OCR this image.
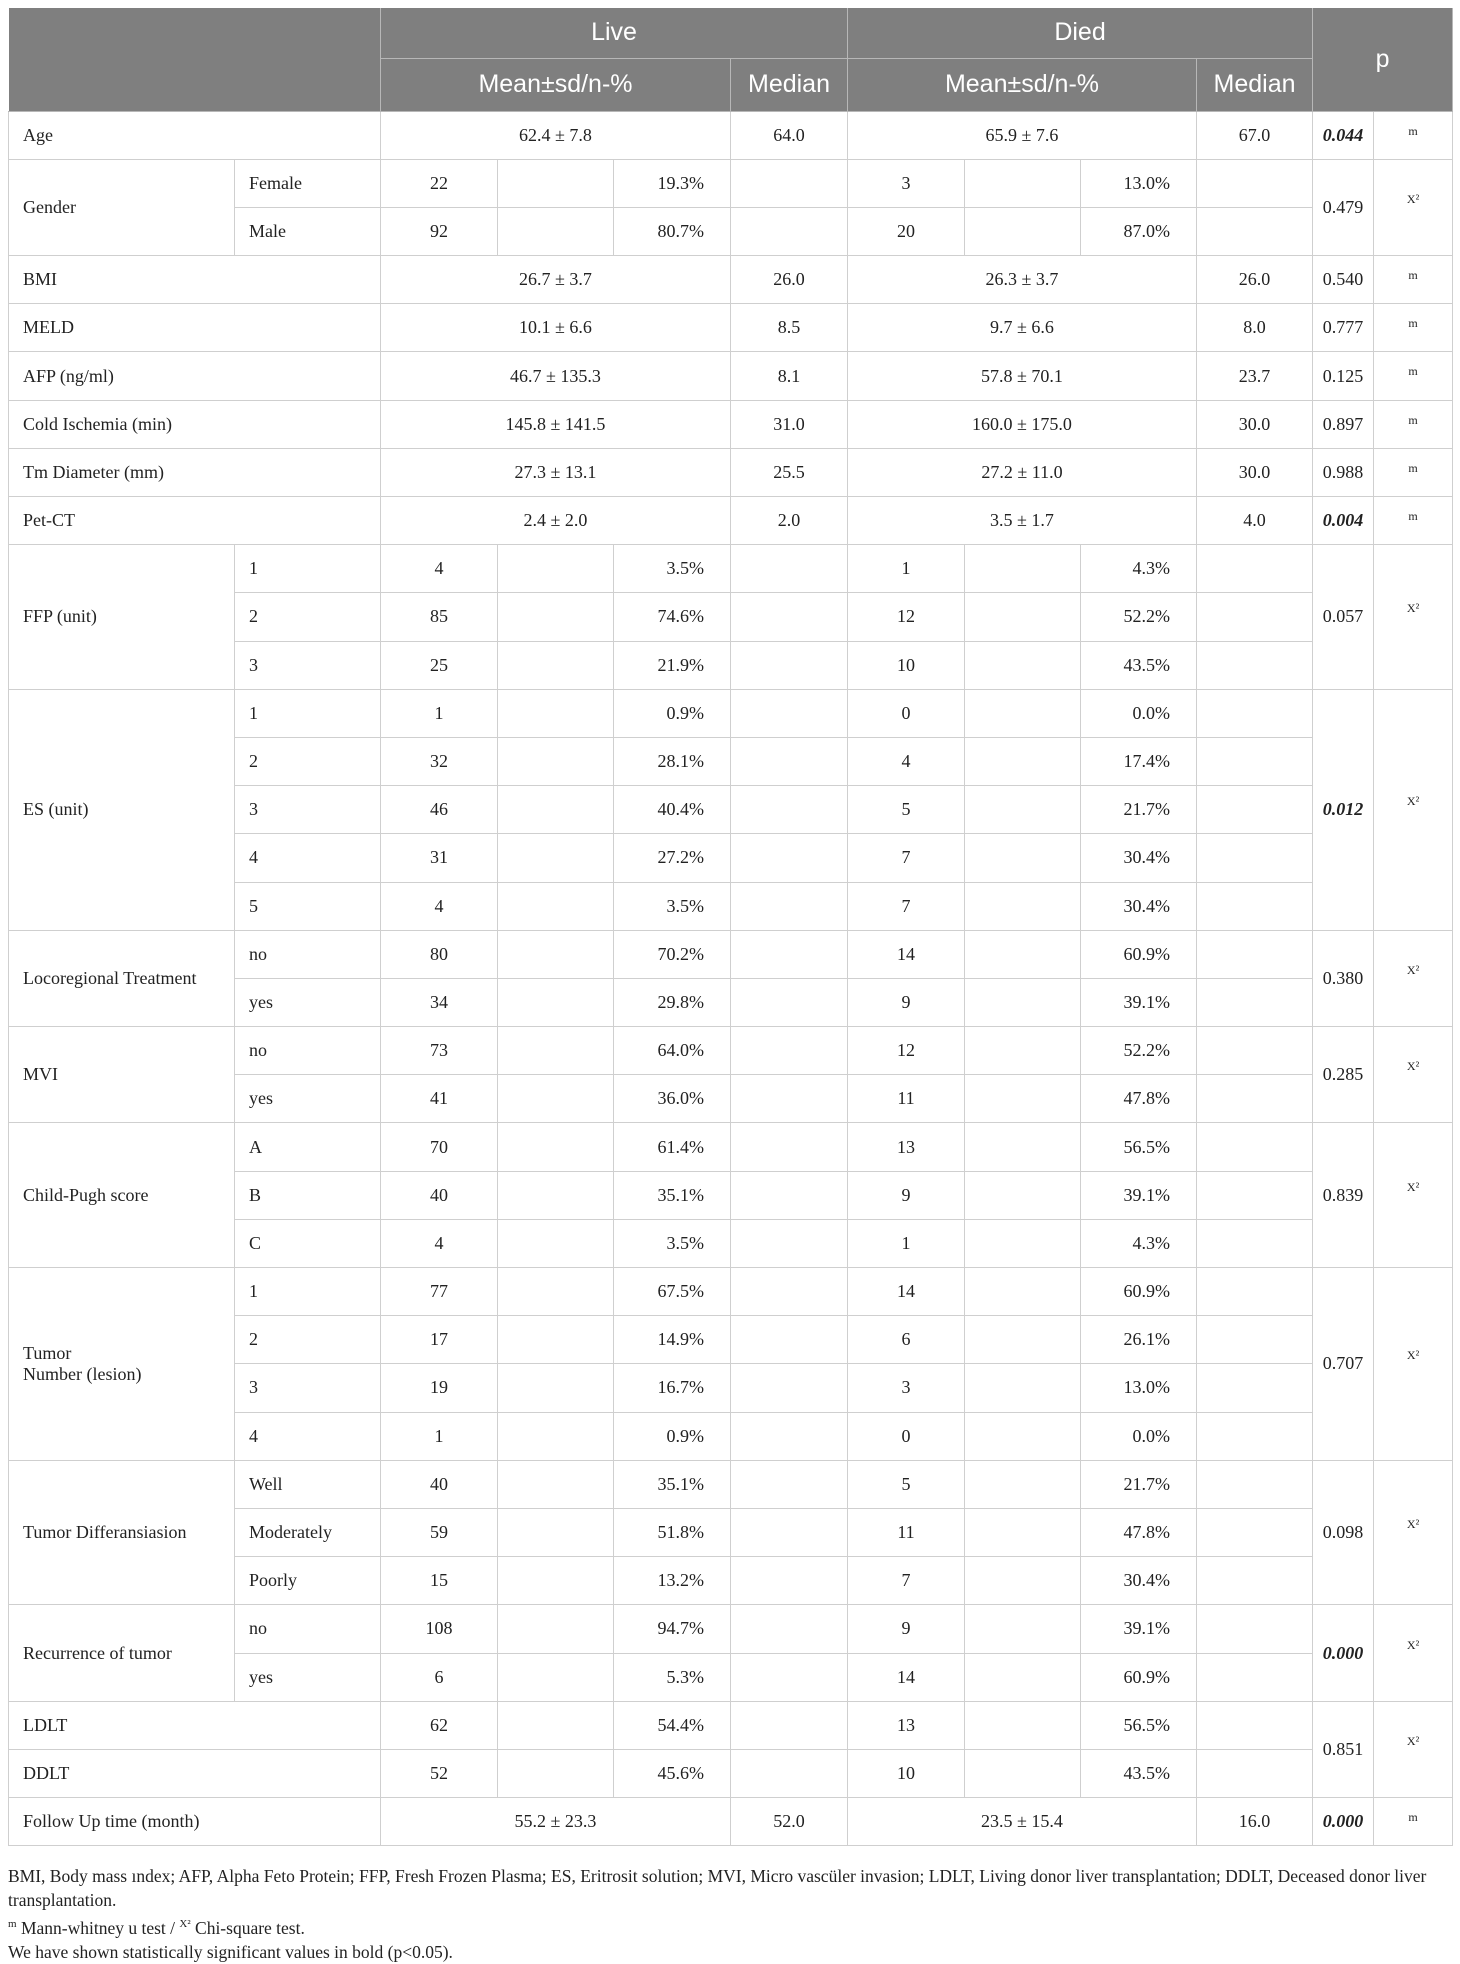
		Live				Died				p	
		Mean±sd/n-%			Median	Mean±sd/n-%			Median		
Age		62.4 ± 7.8			64.0	65.9 ± 7.6			67.0	0.044	m
Gender	Female	22		19.3%		3		13.0%		0.479	X²
	Male	92		80.7%		20		87.0%			
BMI		26.7 ± 3.7			26.0	26.3 ± 3.7			26.0	0.540	m
MELD		10.1 ± 6.6			8.5	9.7 ± 6.6			8.0	0.777	m
AFP (ng/ml)		46.7 ± 135.3			8.1	57.8 ± 70.1			23.7	0.125	m
Cold Ischemia (min)		145.8 ± 141.5			31.0	160.0 ± 175.0			30.0	0.897	m
Tm Diameter (mm)		27.3 ± 13.1			25.5	27.2 ± 11.0			30.0	0.988	m
Pet-CT		2.4 ± 2.0			2.0	3.5 ± 1.7			4.0	0.004	m
FFP (unit)	1	4		3.5%		1		4.3%		0.057	X²
	2	85		74.6%		12		52.2%			
	3	25		21.9%		10		43.5%			
ES (unit)	1	1		0.9%		0		0.0%		0.012	X²
	2	32		28.1%		4		17.4%			
	3	46		40.4%		5		21.7%			
	4	31		27.2%		7		30.4%			
	5	4		3.5%		7		30.4%			
Locoregional Treatment	no	80		70.2%		14		60.9%		0.380	X²
	yes	34		29.8%		9		39.1%			
MVI	no	73		64.0%		12		52.2%		0.285	X²
	yes	41		36.0%		11		47.8%			
Child-Pugh score	A	70		61.4%		13		56.5%		0.839	X²
	B	40		35.1%		9		39.1%			
	C	4		3.5%		1		4.3%			

Tumor
Number (lesion)	1	77		67.5%		14		60.9%		0.707	X²
	2	17		14.9%		6		26.1%			
	3	19		16.7%		3		13.0%			
	4	1		0.9%		0		0.0%			
Tumor Differansiasion	Well	40		35.1%		5		21.7%		0.098	X²
	Moderately	59		51.8%		11		47.8%			
	Poorly	15		13.2%		7		30.4%			
Recurrence of tumor	no	108		94.7%		9		39.1%		0.000	X²
	yes	6		5.3%		14		60.9%			
LDLT		62		54.4%		13		56.5%		0.851	X²
DDLT		52		45.6%		10		43.5%			
Follow Up time (month)		55.2 ± 23.3			52.0	23.5 ± 15.4			16.0	0.000	m

BMI, Body mass ındex; AFP, Alpha Feto Protein; FFP, Fresh Frozen Plasma; ES, Eritrosit solution; MVI, Micro vascüler invasion; LDLT, Living donor liver transplantation; DDLT, Deceased donor liver transplantation.

$^m$ Mann-whitney u test / $^{X^2}$ Chi-square test.

We have shown statistically significant values in bold (p<0.05).
